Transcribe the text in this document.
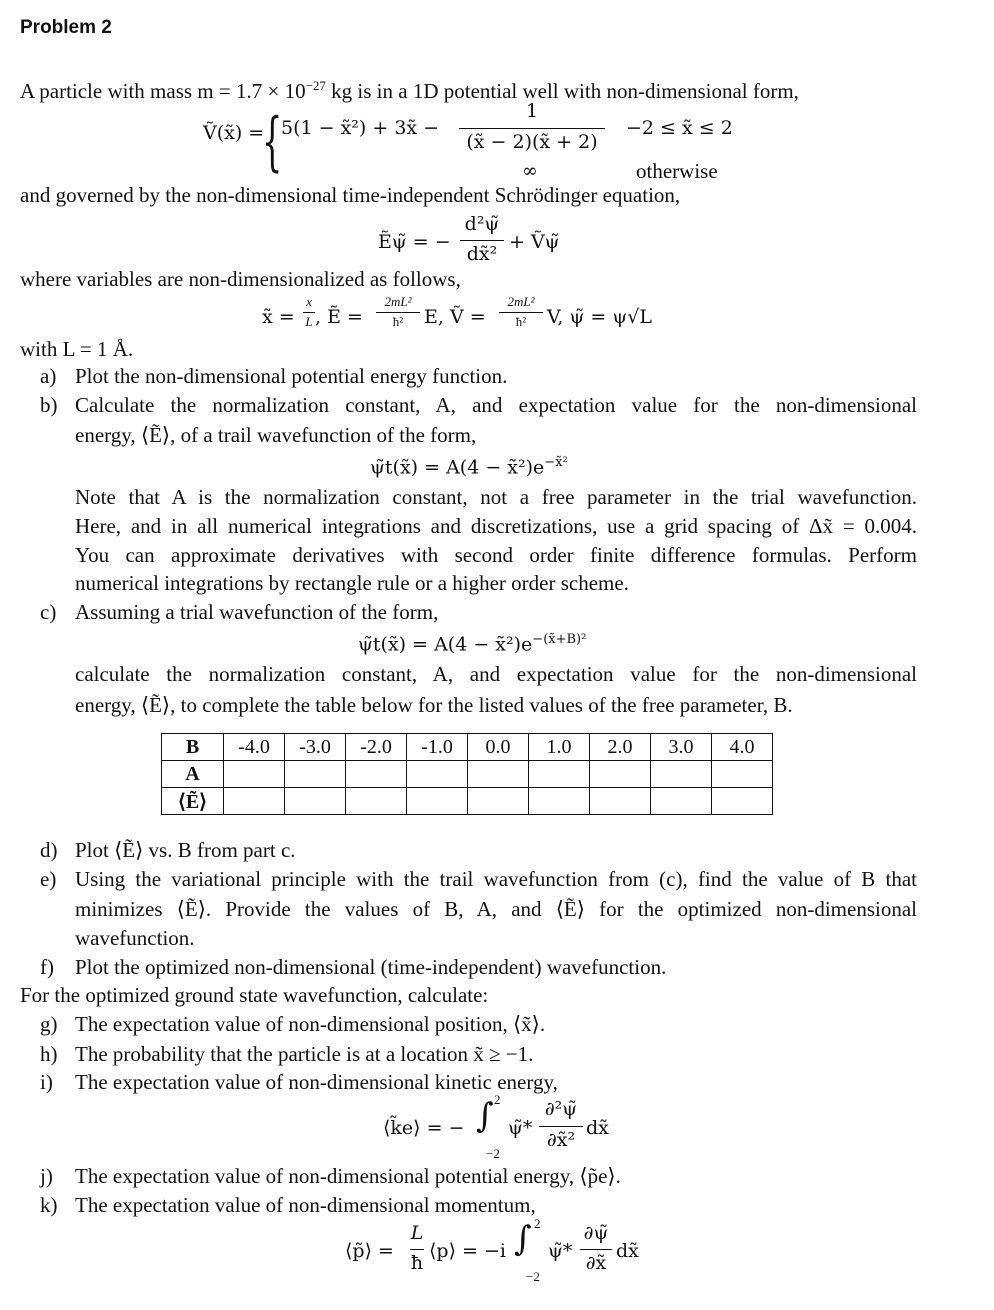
Problem 2
A particle with mass $m = 1.7 \times 10^{-27}$ kg is in a 1D potential well with non-dimensional form,
Ṽ(x̃) =
{
5(1 − x̃²) + 3x̃ −
1
(x̃ − 2)(x̃ + 2)
−2 ≤ x̃ ≤ 2
∞	otherwise
and governed by the non-dimensional time-independent Schrödinger equation,
Ẽψ̃ = −
d²ψ̃
dx̃²
+ Ṽψ̃
where variables are non-dimensionalized as follows,
x̃ =
x
L , Ẽ =
2mL²
ħ²	E, Ṽ =
2mL²
ħ²	V, ψ̃ = ψ√L
with L = 1 Å.
a) Plot the non-dimensional potential energy function.
b) Calculate the normalization constant, A, and expectation value for the non-dimensional
energy, ⟨Ẽ⟩, of a trail wavefunction of the form,
ψ̃t(x̃) = $A(4 - x̃^2)e^{-x̃^2}$
Note that A is the normalization constant, not a free parameter in the trial wavefunction.
Here, and in all numerical integrations and discretizations, use a grid spacing of Δx̃ = 0.004.
You can approximate derivatives with second order finite difference formulas. Perform
numerical integrations by rectangle rule or a higher order scheme.
c) Assuming a trial wavefunction of the form,
ψ̃t(x̃) = $A(4 - x̃^2)e^{-(x̃+B)^2}$
calculate the normalization constant, A, and expectation value for the non-dimensional
energy, ⟨Ẽ⟩, to complete the table below for the listed values of the free parameter, B.
B	-4.0	-3.0	-2.0	-1.0	0.0	1.0	2.0	3.0	4.0
A									
⟨Ẽ⟩									
d) Plot ⟨Ẽ⟩ vs. B from part c.
e) Using the variational principle with the trail wavefunction from (c), find the value of B that
minimizes ⟨Ẽ⟩. Provide the values of B, A, and ⟨Ẽ⟩ for the optimized non-dimensional
wavefunction.
f) Plot the optimized non-dimensional (time-independent) wavefunction.
For the optimized ground state wavefunction, calculate:
g) The expectation value of non-dimensional position, ⟨x̃⟩.
h) The probability that the particle is at a location x̃ ≥ −1.
i) The expectation value of non-dimensional kinetic energy,
⟨k̃e⟩ = − ∫ 2
−2
ψ̃*
∂²ψ̃
∂x̃²
dx̃
j) The expectation value of non-dimensional potential energy, ⟨p̃e⟩.
k) The expectation value of non-dimensional momentum,
⟨p̃⟩ =
L
ħ
⟨p⟩ = −i ∫ 2
−2
ψ̃*
∂ψ̃
∂x̃
dx̃
